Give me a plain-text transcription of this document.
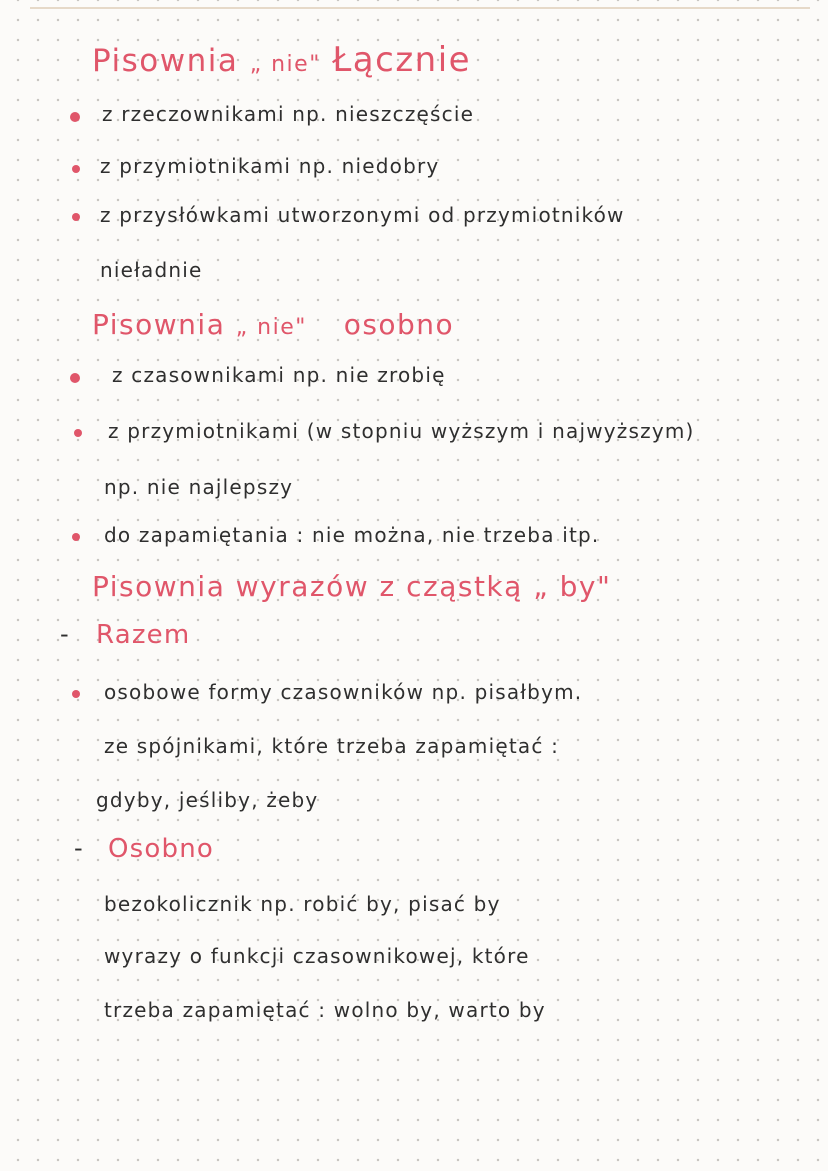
Pisownia „ nie" Łącznie
z rzeczownikami np. nieszczęście
z przymiotnikami np. niedobry
z przysłówkami utworzonymi od przymiotników
nieładnie
Pisownia „ nie" osobno
z czasownikami np. nie zrobię
z przymiotnikami (w stopniu wyższym i najwyższym)
np. nie najlepszy
do zapamiętania : nie można, nie trzeba itp.
Pisownia wyrazów z cząstką „ by"
- Razem
osobowe formy czasowników np. pisałbym.
ze spójnikami, które trzeba zapamiętać :
gdyby, jeśliby, żeby
- Osobno
bezokolicznik np. robić by, pisać by
wyrazy o funkcji czasownikowej, które
trzeba zapamiętać : wolno by, warto by
